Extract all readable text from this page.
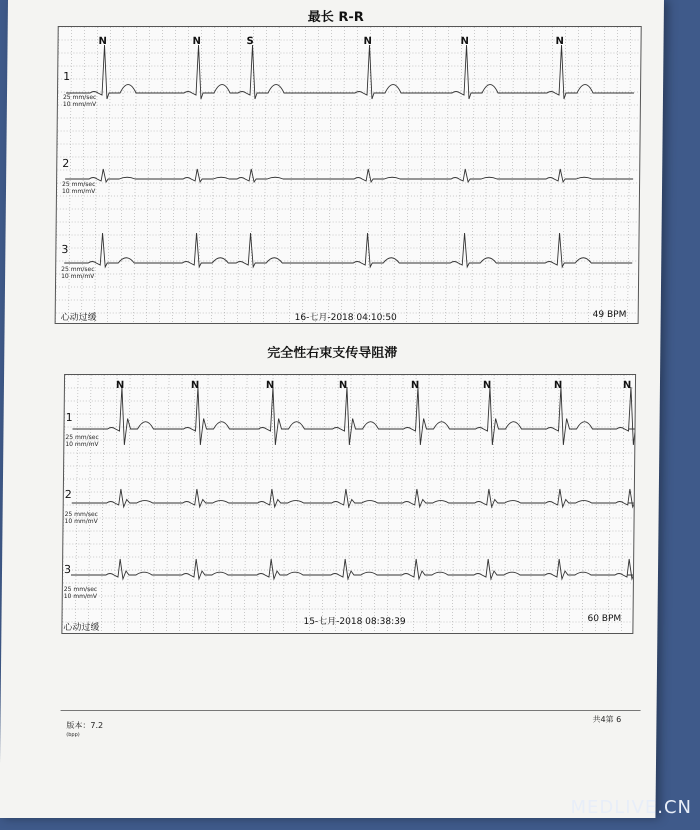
最长 R-R
N	N	S	N	N	N
1
25 mm/sec
10 mm/mV
2
25 mm/sec
10 mm/mV
3
25 mm/sec
10 mm/mV
心动过缓	16-七月-2018 04:10:50	49 BPM
完全性右束支传导阻滞
N	N	N	N	N	N	N	N
1
25 mm/sec
10 mm/mV
2
25 mm/sec
10 mm/mV
3
25 mm/sec
10 mm/mV
心动过缓
15-七月-2018 08:38:39	60 BPM
版本：7.2
(bpp)
共4第 6
MEDLIVE.CN
